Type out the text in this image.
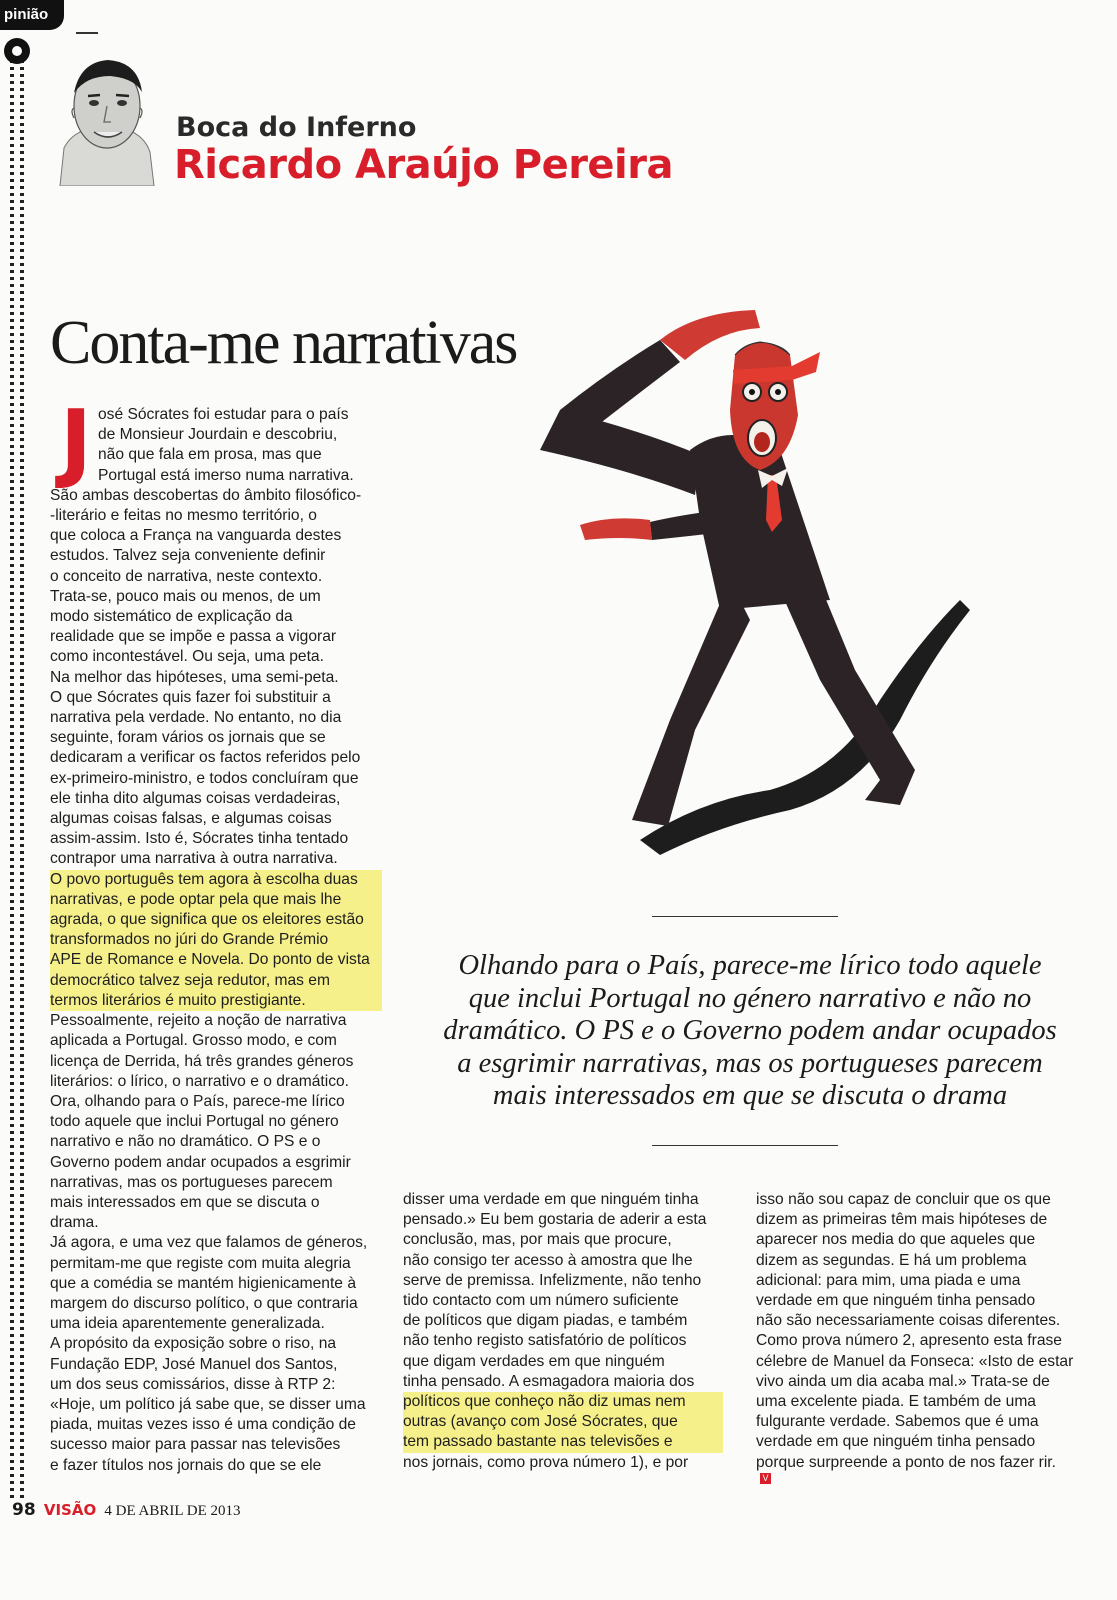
pinião
Boca do Inferno
Ricardo Araújo Pereira
Conta-me narrativas
J osé Sócrates foi estudar para o país
de Monsieur Jourdain e descobriu,
não que fala em prosa, mas que
Portugal está imerso numa narrativa.
São ambas descobertas do âmbito filosófico-
-literário e feitas no mesmo território, o
que coloca a França na vanguarda destes
estudos. Talvez seja conveniente definir
o conceito de narrativa, neste contexto.
Trata-se, pouco mais ou menos, de um
modo sistemático de explicação da
realidade que se impõe e passa a vigorar
como incontestável. Ou seja, uma peta.
Na melhor das hipóteses, uma semi-peta.
O que Sócrates quis fazer foi substituir a
narrativa pela verdade. No entanto, no dia
seguinte, foram vários os jornais que se
dedicaram a verificar os factos referidos pelo
ex-primeiro-ministro, e todos concluíram que
ele tinha dito algumas coisas verdadeiras,
algumas coisas falsas, e algumas coisas
assim-assim. Isto é, Sócrates tinha tentado
contrapor uma narrativa à outra narrativa.
O povo português tem agora à escolha duas
narrativas, e pode optar pela que mais lhe
agrada, o que significa que os eleitores estão
transformados no júri do Grande Prémio
APE de Romance e Novela. Do ponto de vista
democrático talvez seja redutor, mas em
termos literários é muito prestigiante.
Pessoalmente, rejeito a noção de narrativa
aplicada a Portugal. Grosso modo, e com
licença de Derrida, há três grandes géneros
literários: o lírico, o narrativo e o dramático.
Ora, olhando para o País, parece-me lírico
todo aquele que inclui Portugal no género
narrativo e não no dramático. O PS e o
Governo podem andar ocupados a esgrimir
narrativas, mas os portugueses parecem
mais interessados em que se discuta o
drama.
Já agora, e uma vez que falamos de géneros,
permitam-me que registe com muita alegria
que a comédia se mantém higienicamente à
margem do discurso político, o que contraria
uma ideia aparentemente generalizada.
A propósito da exposição sobre o riso, na
Fundação EDP, José Manuel dos Santos,
um dos seus comissários, disse à RTP 2:
«Hoje, um político já sabe que, se disser uma
piada, muitas vezes isso é uma condição de
sucesso maior para passar nas televisões
e fazer títulos nos jornais do que se ele
Olhando para o País, parece-me lírico todo aquele
que inclui Portugal no género narrativo e não no
dramático. O PS e o Governo podem andar ocupados
a esgrimir narrativas, mas os portugueses parecem
mais interessados em que se discuta o drama
disser uma verdade em que ninguém tinha
pensado.» Eu bem gostaria de aderir a esta
conclusão, mas, por mais que procure,
não consigo ter acesso à amostra que lhe
serve de premissa. Infelizmente, não tenho
tido contacto com um número suficiente
de políticos que digam piadas, e também
não tenho registo satisfatório de políticos
que digam verdades em que ninguém
tinha pensado. A esmagadora maioria dos
políticos que conheço não diz umas nem
outras (avanço com José Sócrates, que
tem passado bastante nas televisões e
nos jornais, como prova número 1), e por
isso não sou capaz de concluir que os que
dizem as primeiras têm mais hipóteses de
aparecer nos media do que aqueles que
dizem as segundas. E há um problema
adicional: para mim, uma piada e uma
verdade em que ninguém tinha pensado
não são necessariamente coisas diferentes.
Como prova número 2, apresento esta frase
célebre de Manuel da Fonseca: «Isto de estar
vivo ainda um dia acaba mal.» Trata-se de
uma excelente piada. E também de uma
fulgurante verdade. Sabemos que é uma
verdade em que ninguém tinha pensado
porque surpreende a ponto de nos fazer rir.
V
98 VISÃO 4 DE ABRIL DE 2013
